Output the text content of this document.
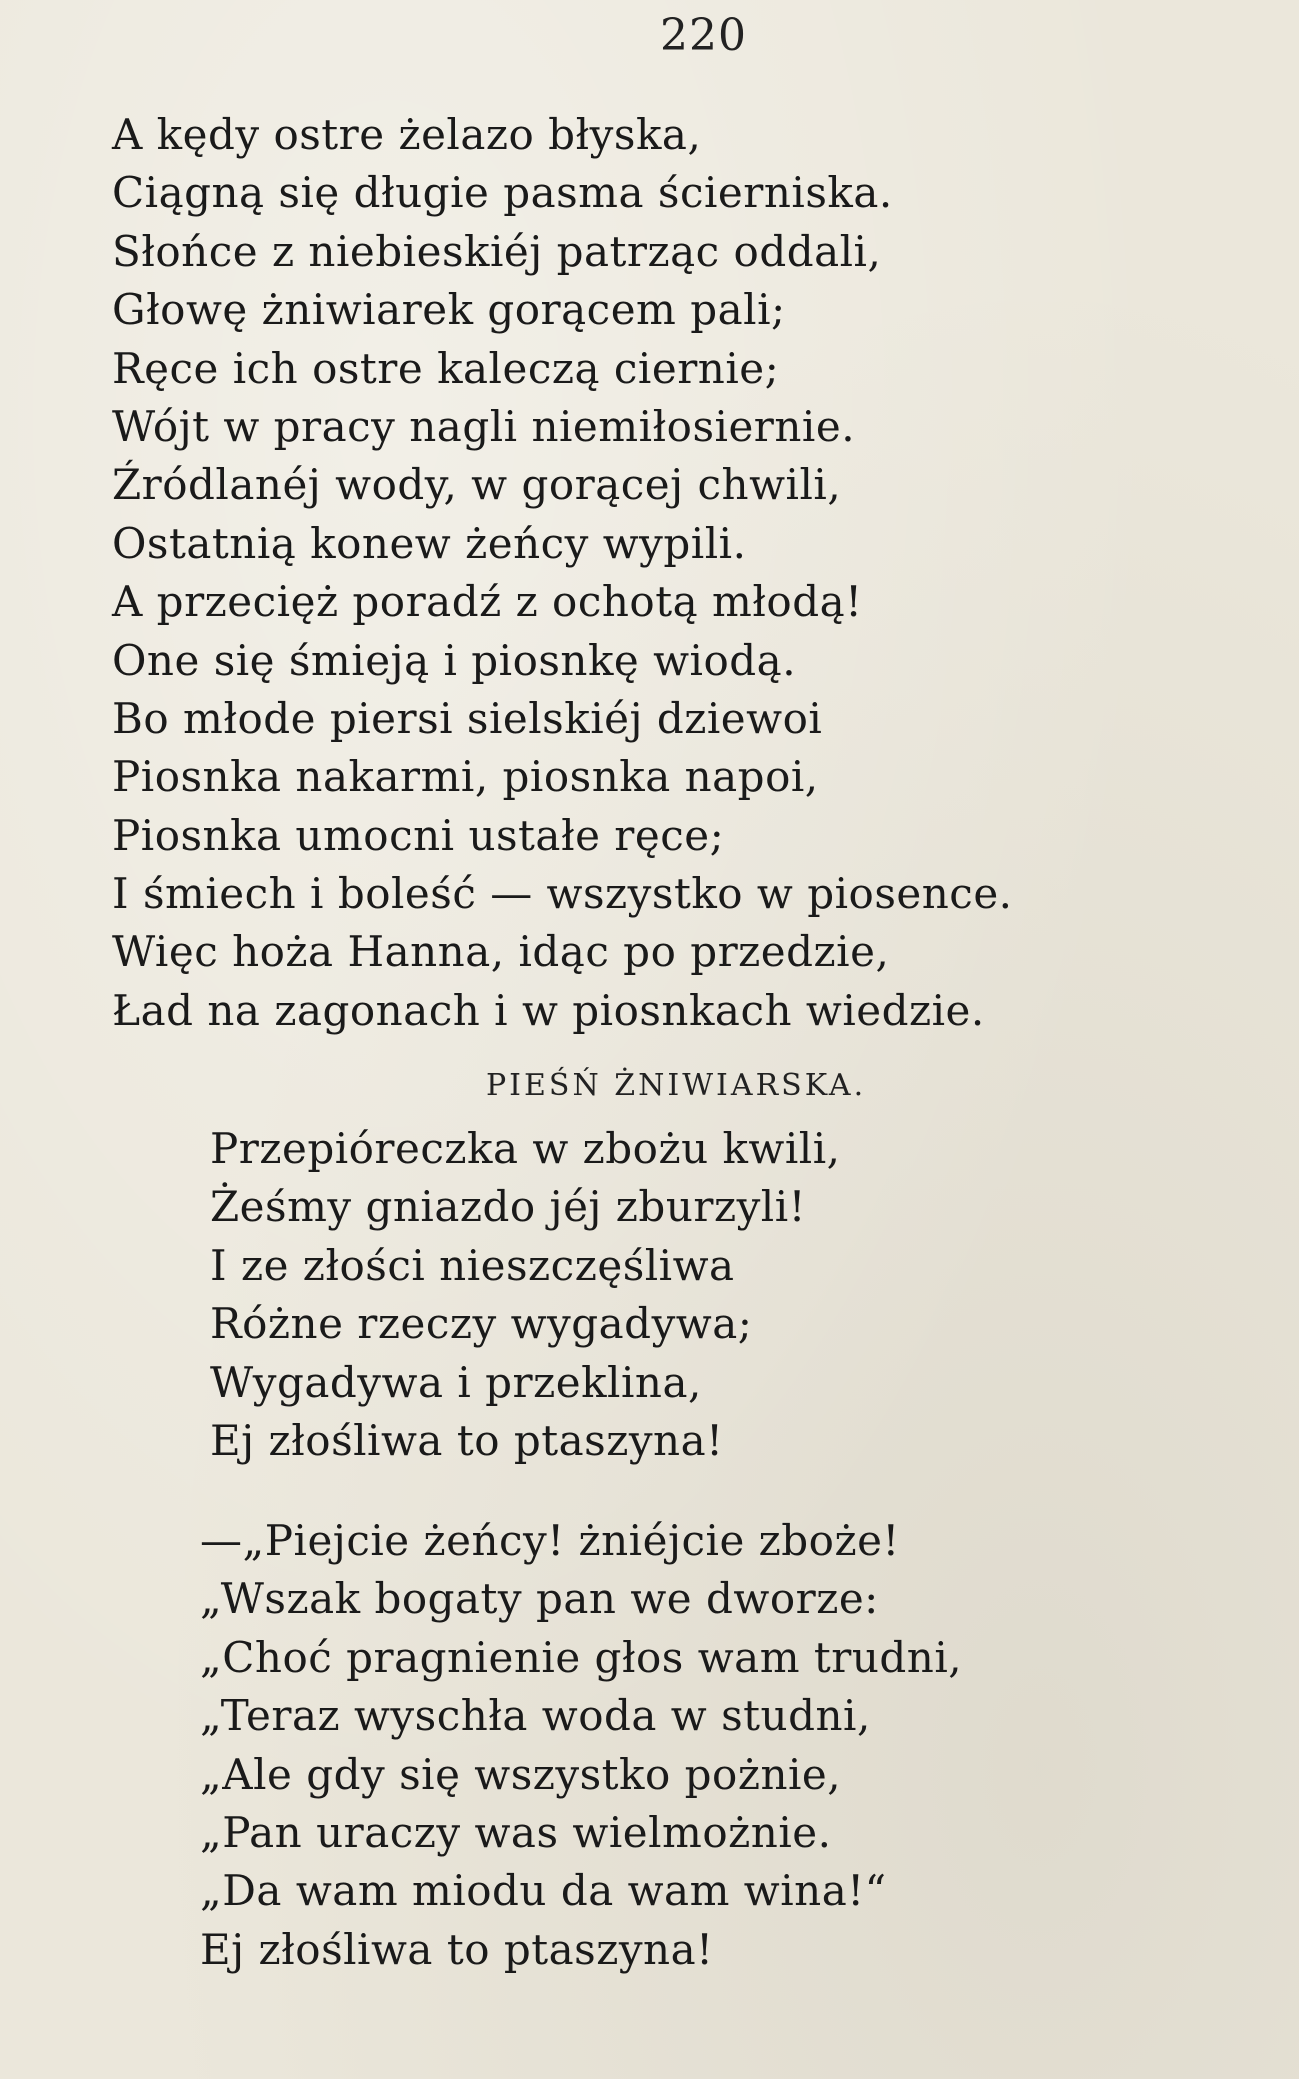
220
A kędy ostre żelazo błyska,
Ciągną się długie pasma ścierniska.
Słońce z niebieskiéj patrząc oddali,
Głowę żniwiarek gorącem pali;
Ręce ich ostre kaleczą ciernie;
Wójt w pracy nagli niemiłosiernie.
Źródlanéj wody, w gorącej chwili,
Ostatnią konew żeńcy wypili.
A przecięż poradź z ochotą młodą!
One się śmieją i piosnkę wiodą.
Bo młode piersi sielskiéj dziewoi
Piosnka nakarmi, piosnka napoi,
Piosnka umocni ustałe ręce;
I śmiech i boleść — wszystko w piosence.
Więc hoża Hanna, idąc po przedzie,
Ład na zagonach i w piosnkach wiedzie.
PIEŚŃ ŻNIWIARSKA.
Przepióreczka w zbożu kwili,
Żeśmy gniazdo jéj zburzyli!
I ze złości nieszczęśliwa
Różne rzeczy wygadywa;
Wygadywa i przeklina,
Ej złośliwa to ptaszyna!
—„Piejcie żeńcy! żniéjcie zboże!
„Wszak bogaty pan we dworze:
„Choć pragnienie głos wam trudni,
„Teraz wyschła woda w studni,
„Ale gdy się wszystko pożnie,
„Pan uraczy was wielmożnie.
„Da wam miodu da wam wina!“
Ej złośliwa to ptaszyna!
